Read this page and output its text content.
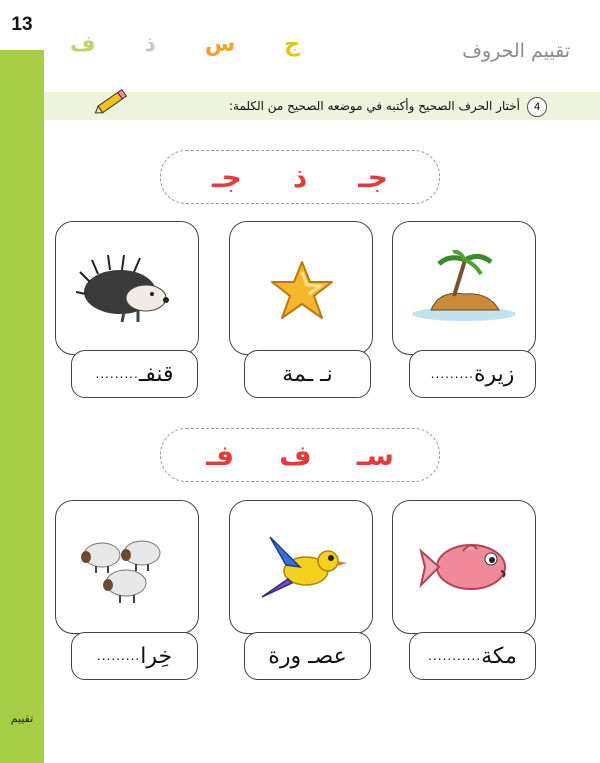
13
تقييم
تقييم الحروف
ج
س
ذ
ف
4
أختار الحرف الصحيح وأكتبه في موضعه الصحيح من الكلمة:
جـ
ذ
جـ
زيرة
.........
نـ ـمة
قنفـ
.........
سـ
ف
فـ
مكة
...........
عصـ ورة
خِرا
.........
